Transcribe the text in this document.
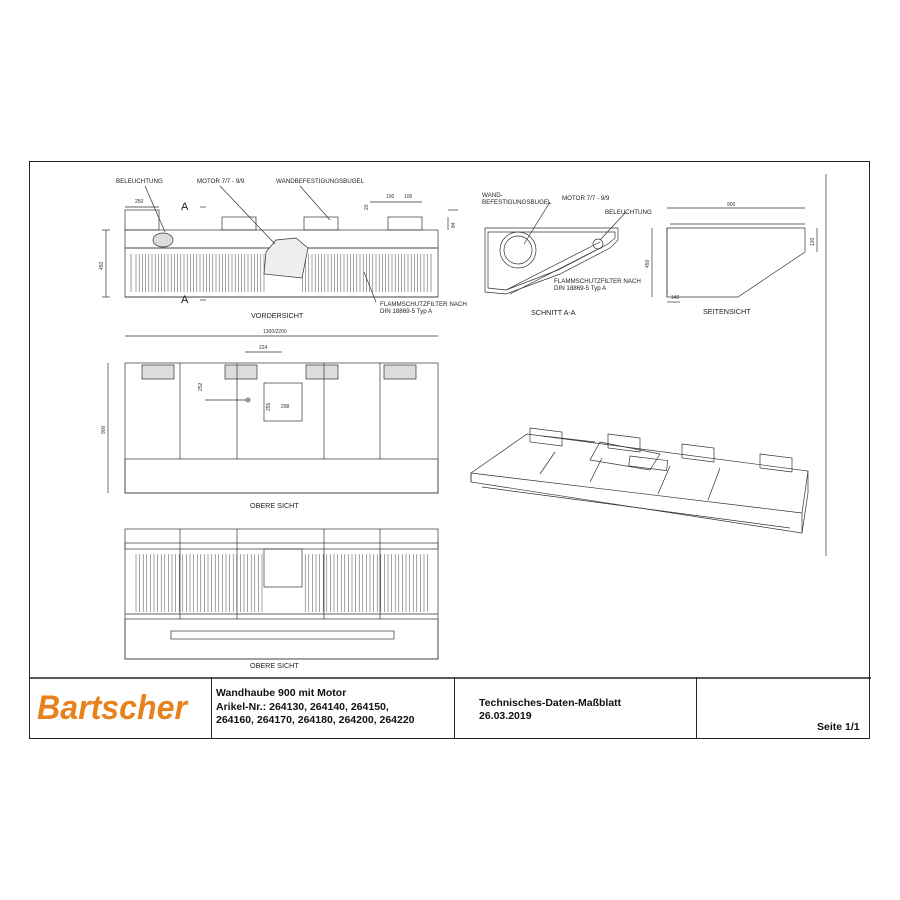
BELEUCHTUNG	MOTOR 7/7 - 9/9	WANDBEFESTIGUNGSBUGEL
FLAMMSCHUTZFILTER NACH
DIN 18869-5 Typ A
A
A
VORDERSICHT
250
100 100
20
84
450
WAND-
BEFESTIGUNGSBUGEL
MOTOR 7/7 - 9/9
BELEUCHTUNG
FLAMMSCHUTZFILTER NACH
DIN 18869-5 Typ A
SCHNITT A-A	SEITENSICHT
900
130
450
140
1300/2200
224
252
255 298
900
OBERE SICHT
OBERE SICHT
Bartscher	Wandhaube 900 mit Motor
Arikel-Nr.: 264130, 264140, 264150,
264160, 264170, 264180, 264200, 264220
Technisches-Daten-Maßblatt
26.03.2019
Seite 1/1
